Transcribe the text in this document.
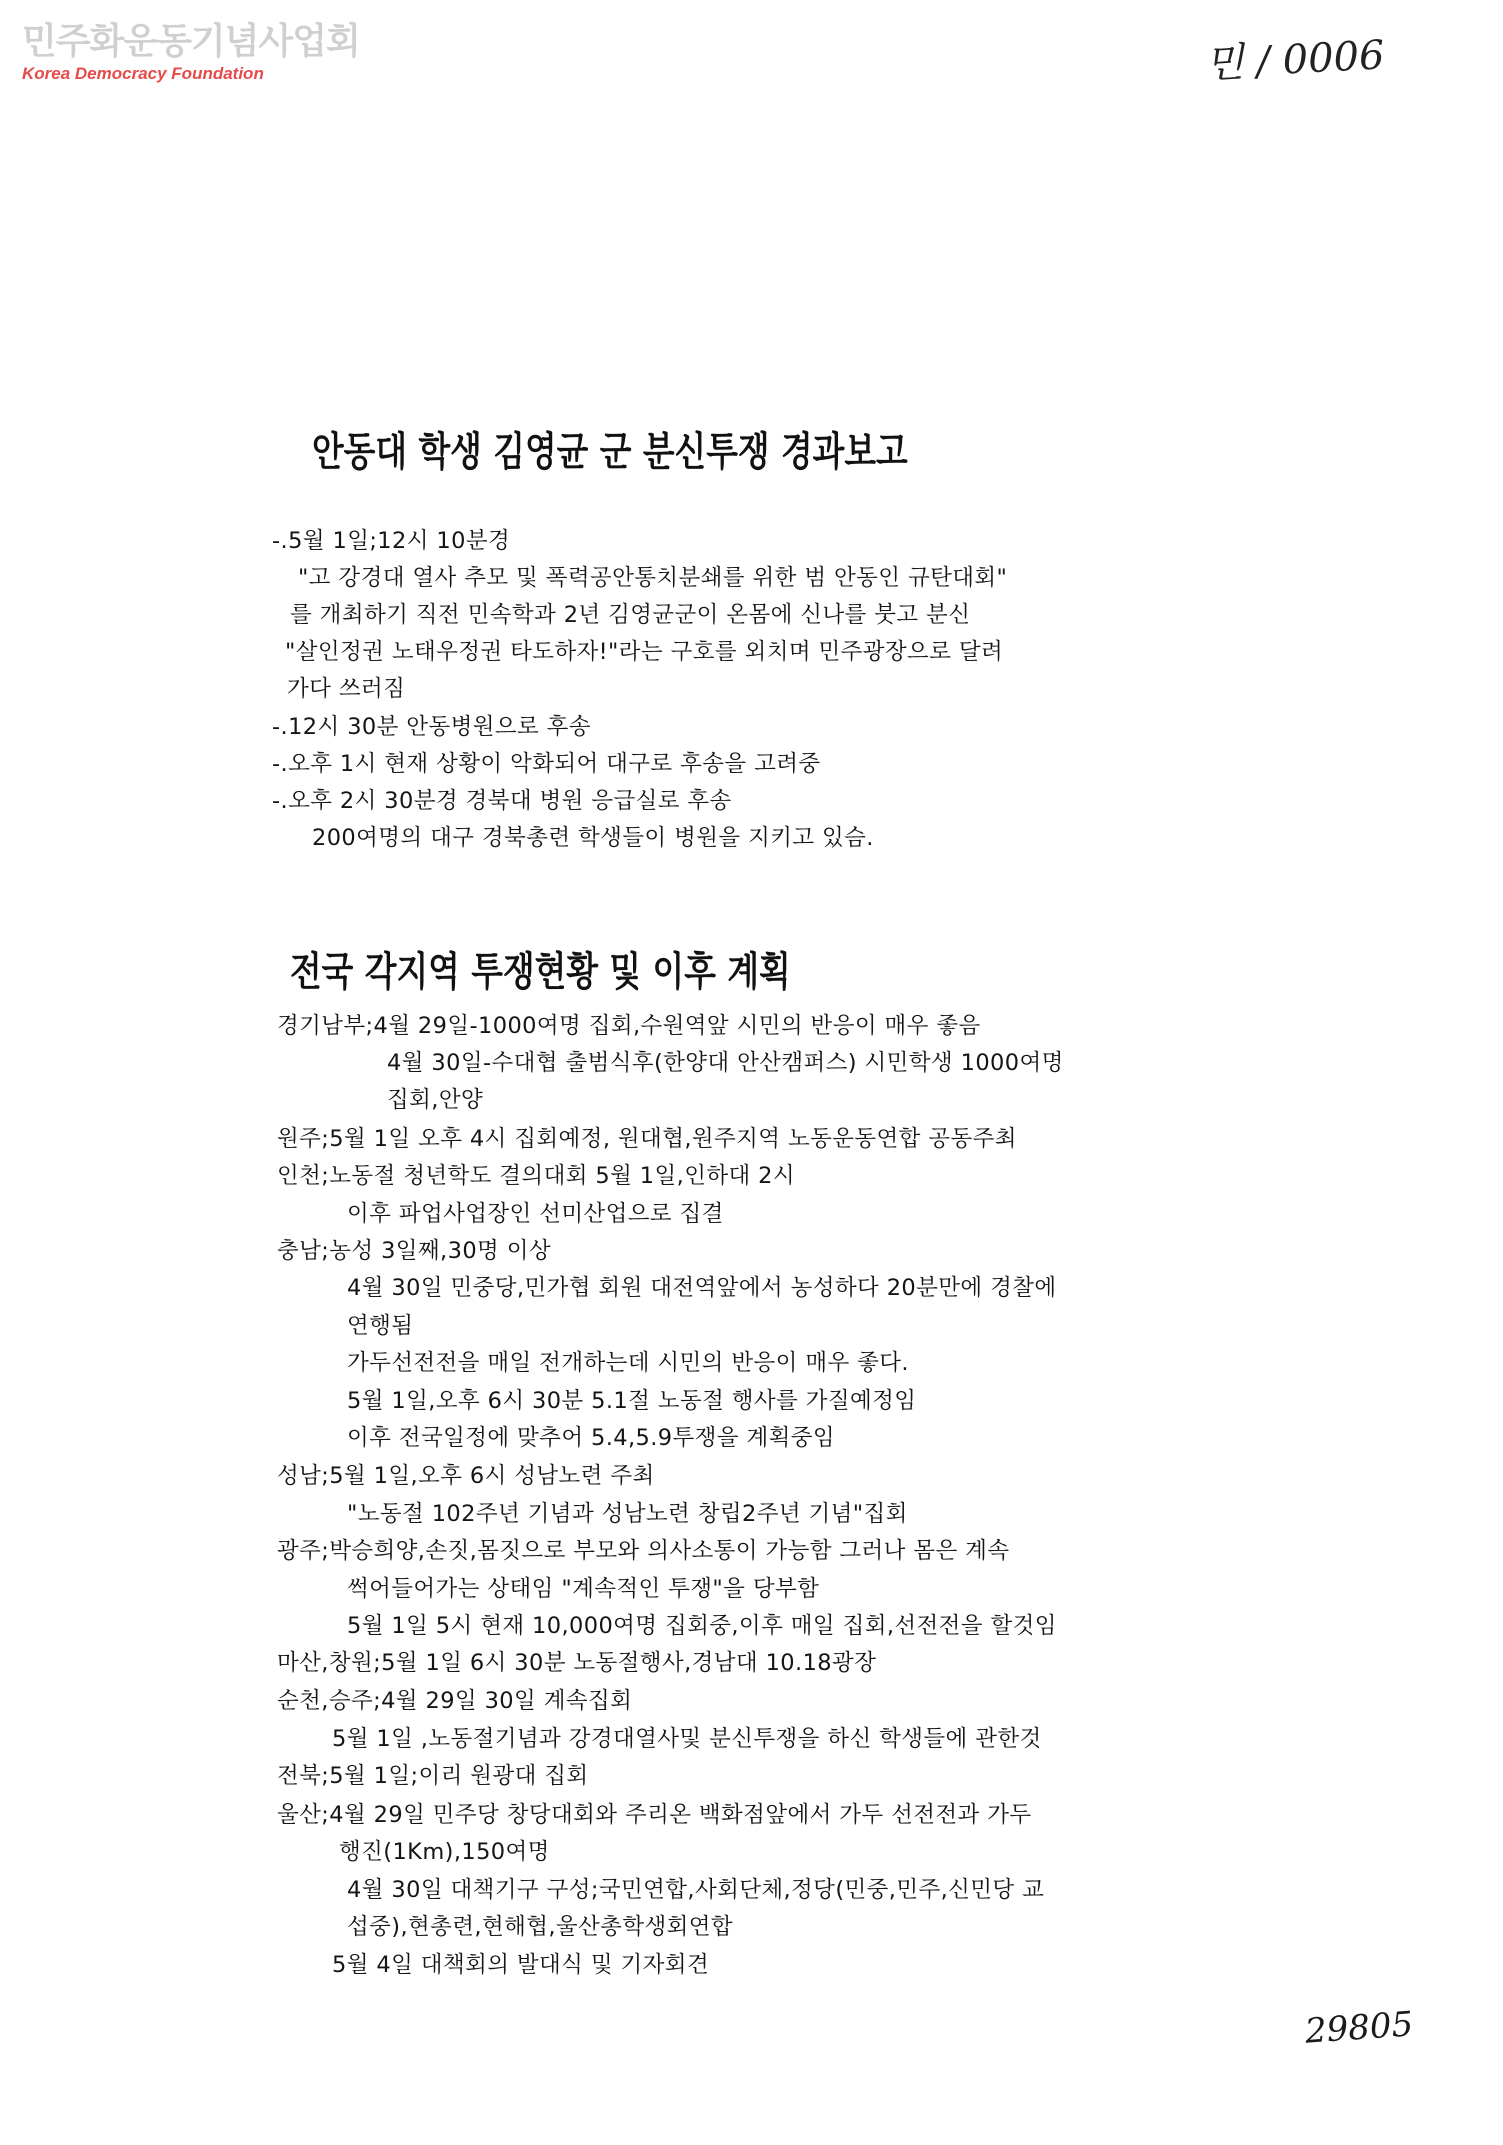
민주화운동기념사업회
Korea Democracy Foundation	민 / 0006
안동대 학생 김영균 군 분신투쟁 경과보고
-.5월 1일;12시 10분경
"고 강경대 열사 추모 및 폭력공안통치분쇄를 위한 범 안동인 규탄대회"
를 개최하기 직전 민속학과 2년 김영균군이 온몸에 신나를 붓고 분신
"살인정권 노태우정권 타도하자!"라는 구호를 외치며 민주광장으로 달려
가다 쓰러짐
-.12시 30분 안동병원으로 후송
-.오후 1시 현재 상황이 악화되어 대구로 후송을 고려중
-.오후 2시 30분경 경북대 병원 응급실로 후송
200여명의 대구 경북총련 학생들이 병원을 지키고 있슴.
전국 각지역 투쟁현황 및 이후 계획
경기남부;4월 29일-1000여명 집회,수원역앞 시민의 반응이 매우 좋음
4월 30일-수대협 출범식후(한양대 안산캠퍼스) 시민학생 1000여명
집회,안양
원주;5월 1일 오후 4시 집회예정, 원대협,원주지역 노동운동연합 공동주최
인천;노동절 청년학도 결의대회 5월 1일,인하대 2시
이후 파업사업장인 선미산업으로 집결
충남;농성 3일째,30명 이상
4월 30일 민중당,민가협 회원 대전역앞에서 농성하다 20분만에 경찰에
연행됨
가두선전전을 매일 전개하는데 시민의 반응이 매우 좋다.
5월 1일,오후 6시 30분 5.1절 노동절 행사를 가질예정임
이후 전국일정에 맞추어 5.4,5.9투쟁을 계획중임
성남;5월 1일,오후 6시 성남노련 주최
"노동절 102주년 기념과 성남노련 창립2주년 기념"집회
광주;박승희양,손짓,몸짓으로 부모와 의사소통이 가능함 그러나 몸은 계속
썩어들어가는 상태임 "계속적인 투쟁"을 당부함
5월 1일 5시 현재 10,000여명 집회중,이후 매일 집회,선전전을 할것임
마산,창원;5월 1일 6시 30분 노동절행사,경남대 10.18광장
순천,승주;4월 29일 30일 계속집회
5월 1일 ,노동절기념과 강경대열사및 분신투쟁을 하신 학생들에 관한것
전북;5월 1일;이리 원광대 집회
울산;4월 29일 민주당 창당대회와 주리온 백화점앞에서 가두 선전전과 가두
행진(1Km),150여명
4월 30일 대책기구 구성;국민연합,사회단체,정당(민중,민주,신민당 교
섭중),현총련,현해협,울산총학생회연합
5월 4일 대책회의 발대식 및 기자회견
29805
